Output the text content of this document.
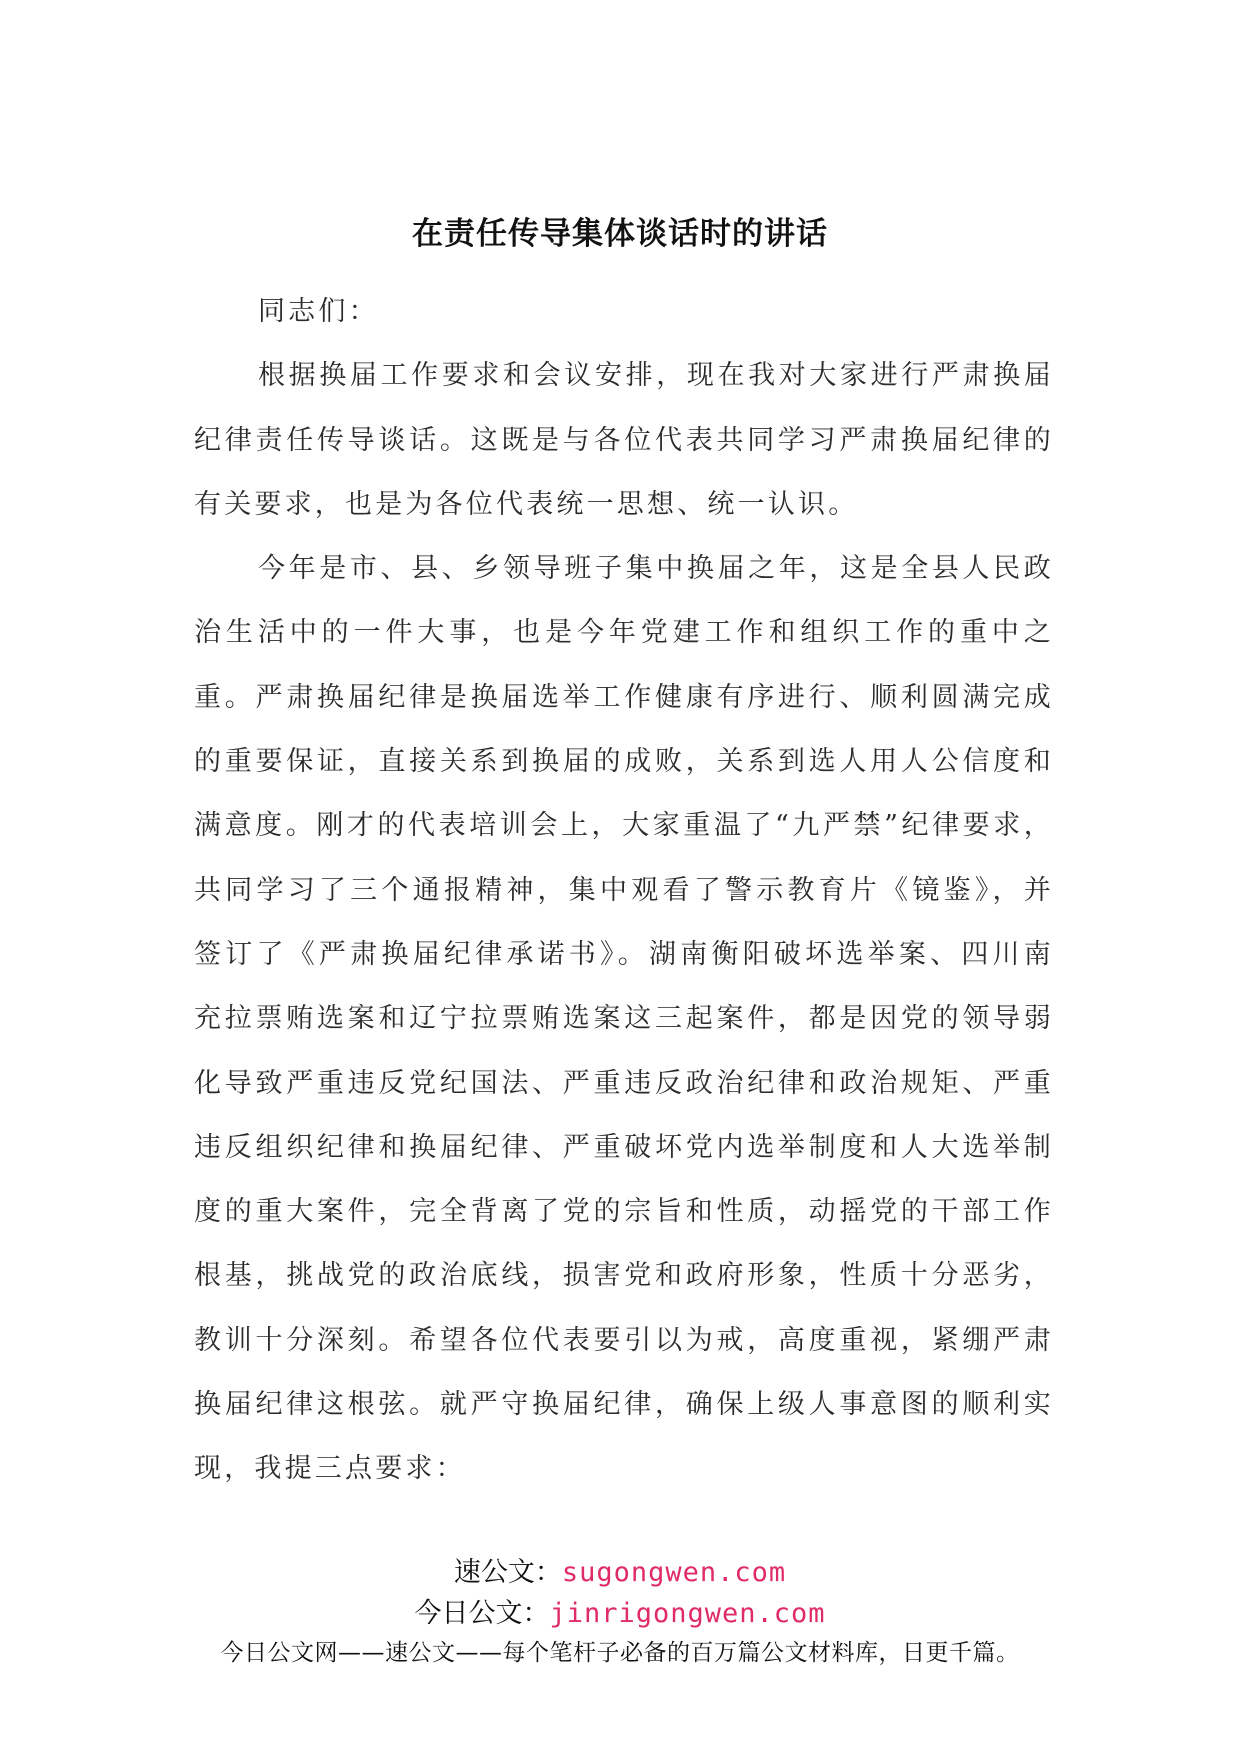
在责任传导集体谈话时的讲话

同志们：

根据换届工作要求和会议安排，现在我对大家进行严肃换届纪律责任传导谈话。这既是与各位代表共同学习严肃换届纪律的有关要求，也是为各位代表统一思想、统一认识。

今年是市、县、乡领导班子集中换届之年，这是全县人民政治生活中的一件大事，也是今年党建工作和组织工作的重中之重。严肃换届纪律是换届选举工作健康有序进行、顺利圆满完成的重要保证，直接关系到换届的成败，关系到选人用人公信度和满意度。刚才的代表培训会上，大家重温了“九严禁”纪律要求，共同学习了三个通报精神，集中观看了警示教育片《镜鉴》，并签订了《严肃换届纪律承诺书》。湖南衡阳破坏选举案、四川南充拉票贿选案和辽宁拉票贿选案这三起案件，都是因党的领导弱化导致严重违反党纪国法、严重违反政治纪律和政治规矩、严重违反组织纪律和换届纪律、严重破坏党内选举制度和人大选举制度的重大案件，完全背离了党的宗旨和性质，动摇党的干部工作根基，挑战党的政治底线，损害党和政府形象，性质十分恶劣，教训十分深刻。希望各位代表要引以为戒，高度重视，紧绷严肃换届纪律这根弦。就严守换届纪律，确保上级人事意图的顺利实现，我提三点要求：

速公文：sugongwen.com
今日公文：jinrigongwen.com
今日公文网——速公文——每个笔杆子必备的百万篇公文材料库，日更千篇。
